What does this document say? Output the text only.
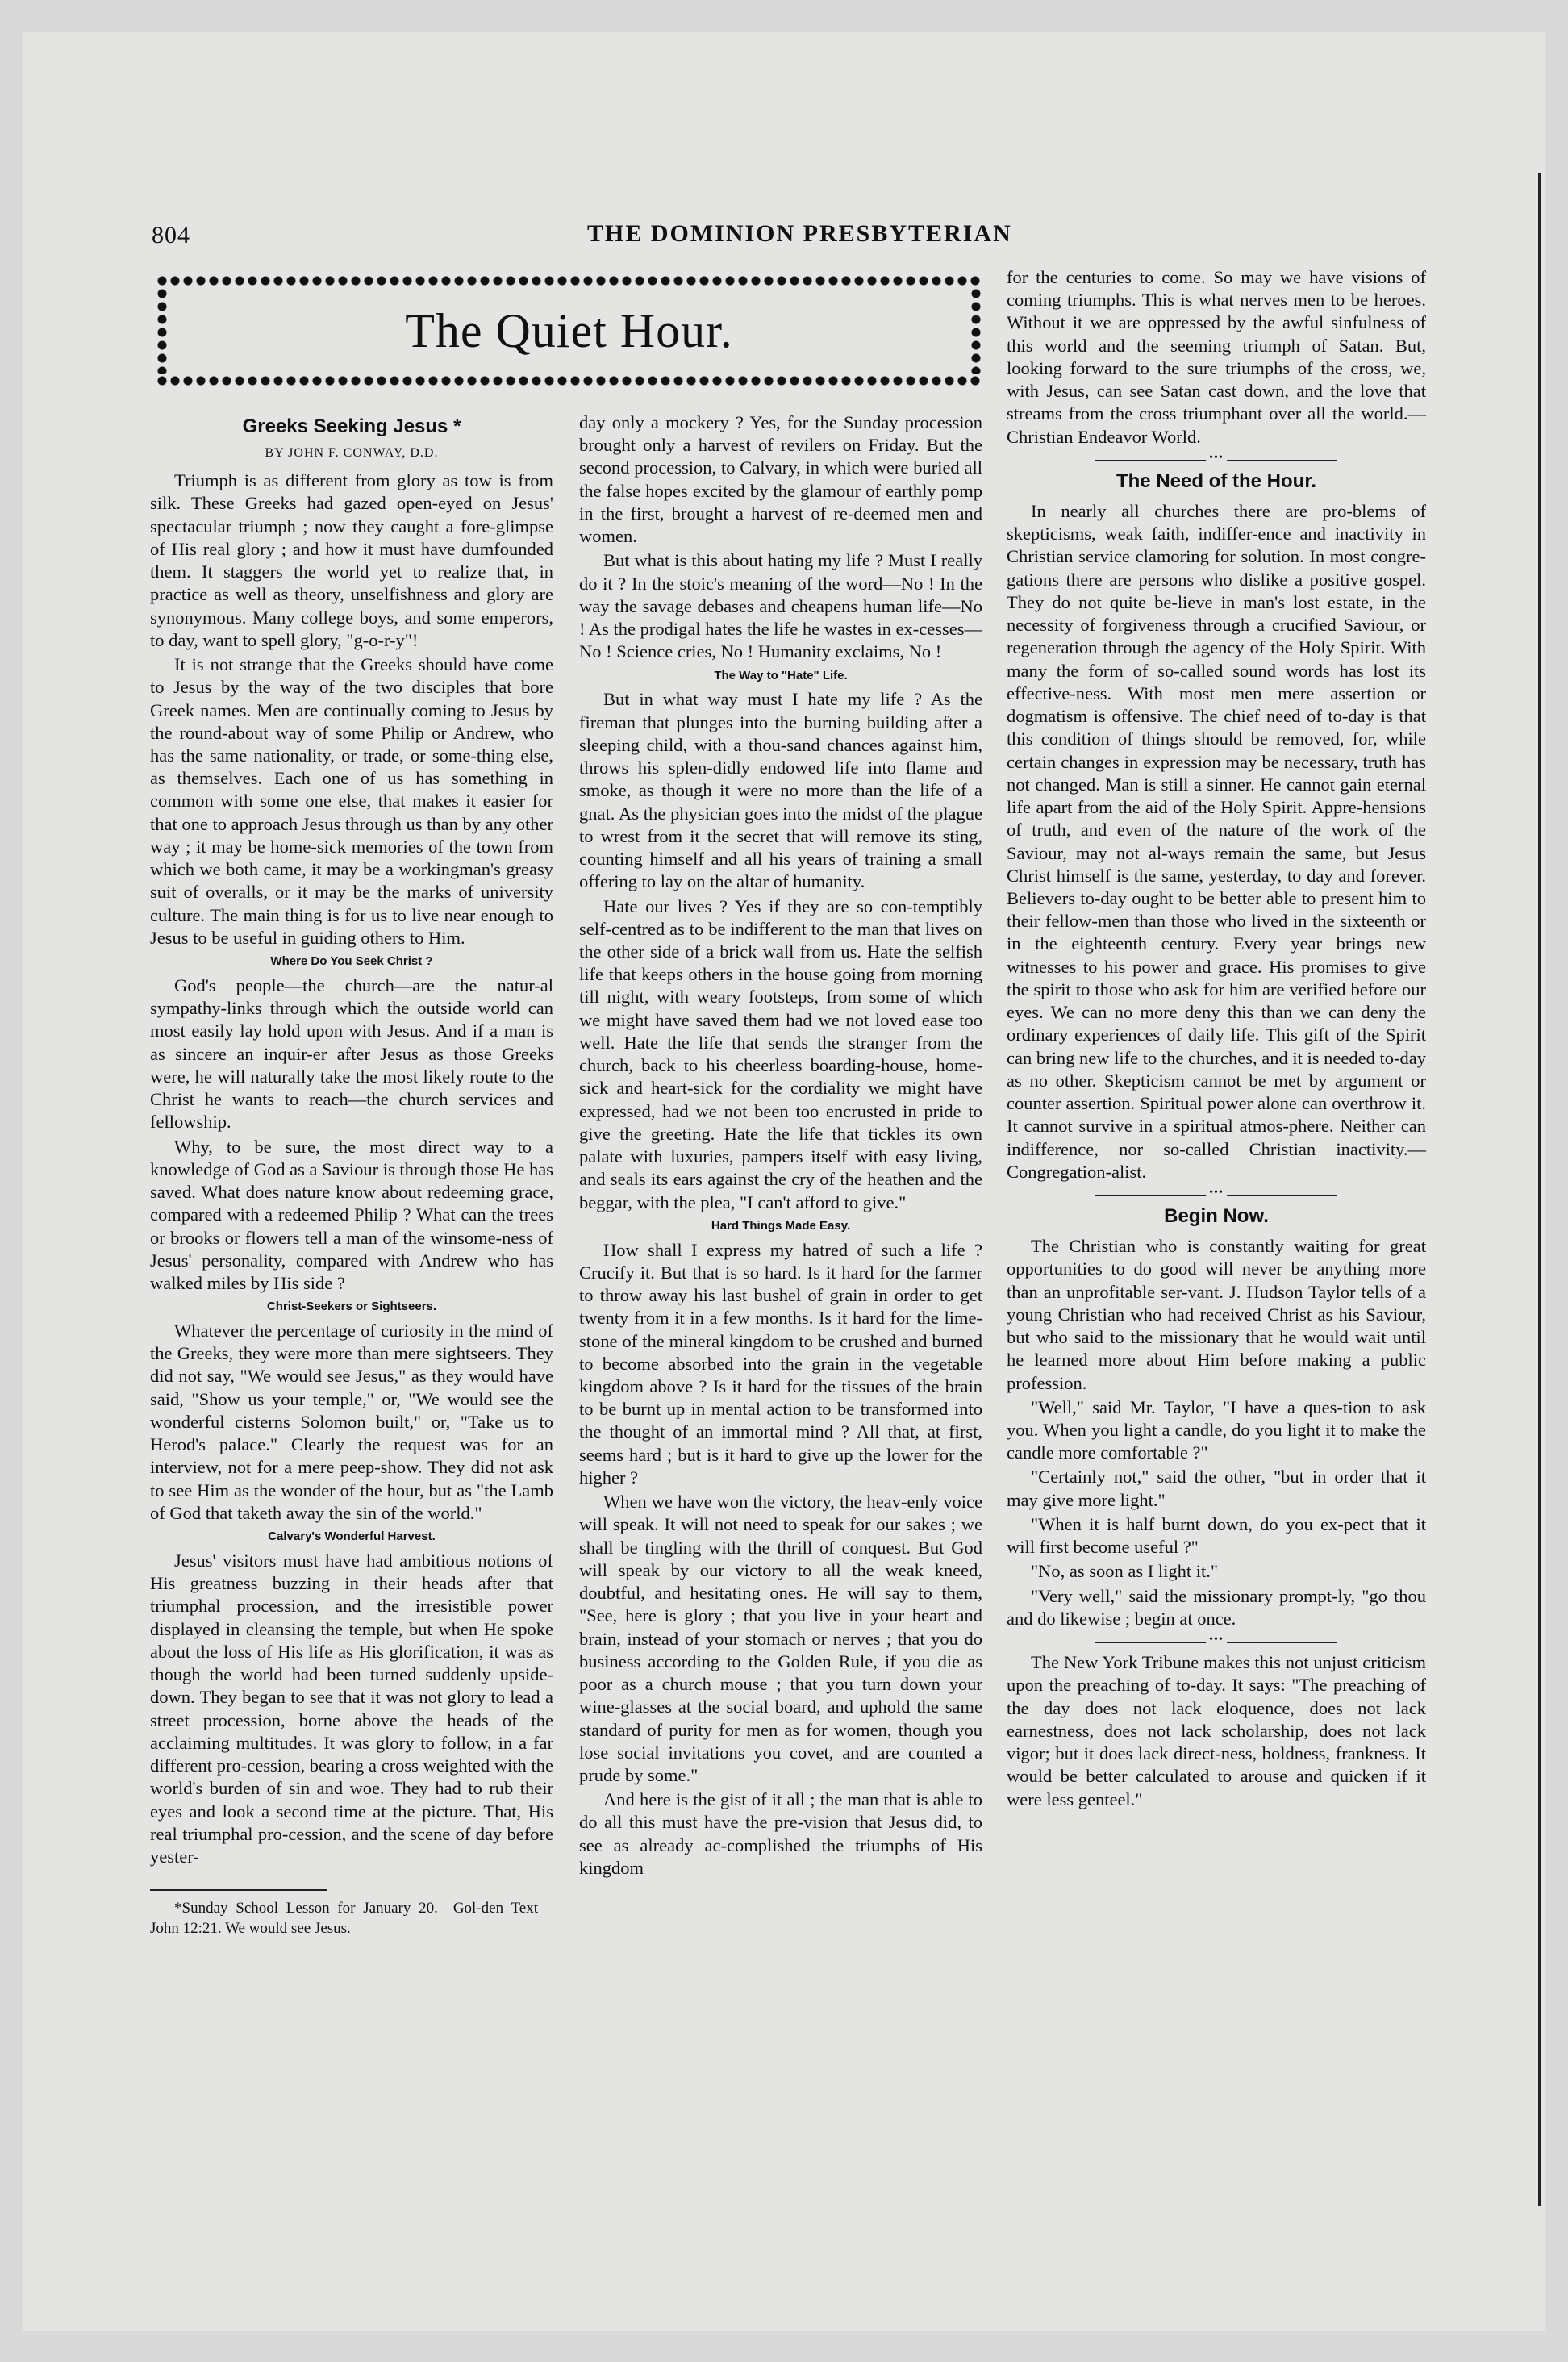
804	THE DOMINION PRESBYTERIAN
The Quiet Hour.
Greeks Seeking Jesus *
BY JOHN F. CONWAY, D.D.

Triumph is as different from glory as tow is from silk. These Greeks had gazed open-eyed on Jesus' spectacular triumph ; now they caught a fore-glimpse of His real glory ; and how it must have dumfounded them. It staggers the world yet to realize that, in practice as well as theory, unselfishness and glory are synonymous. Many college boys, and some emperors, to day, want to spell glory, "g-o-r-y"!

It is not strange that the Greeks should have come to Jesus by the way of the two disciples that bore Greek names. Men are continually coming to Jesus by the round-about way of some Philip or Andrew, who has the same nationality, or trade, or some-thing else, as themselves. Each one of us has something in common with some one else, that makes it easier for that one to approach Jesus through us than by any other way ; it may be home-sick memories of the town from which we both came, it may be a workingman's greasy suit of overalls, or it may be the marks of university culture. The main thing is for us to live near enough to Jesus to be useful in guiding others to Him.

Where Do You Seek Christ ?

God's people—the church—are the natur-al sympathy-links through which the outside world can most easily lay hold upon with Jesus. And if a man is as sincere an inquir-er after Jesus as those Greeks were, he will naturally take the most likely route to the Christ he wants to reach—the church services and fellowship.

Why, to be sure, the most direct way to a knowledge of God as a Saviour is through those He has saved. What does nature know about redeeming grace, compared with a redeemed Philip ? What can the trees or brooks or flowers tell a man of the winsome-ness of Jesus' personality, compared with Andrew who has walked miles by His side ?

Christ-Seekers or Sightseers.

Whatever the percentage of curiosity in the mind of the Greeks, they were more than mere sightseers. They did not say, "We would see Jesus," as they would have said, "Show us your temple," or, "We would see the wonderful cisterns Solomon built," or, "Take us to Herod's palace." Clearly the request was for an interview, not for a mere peep-show. They did not ask to see Him as the wonder of the hour, but as "the Lamb of God that taketh away the sin of the world."

Calvary's Wonderful Harvest.

Jesus' visitors must have had ambitious notions of His greatness buzzing in their heads after that triumphal procession, and the irresistible power displayed in cleansing the temple, but when He spoke about the loss of His life as His glorification, it was as though the world had been turned suddenly upside-down. They began to see that it was not glory to lead a street procession, borne above the heads of the acclaiming multitudes. It was glory to follow, in a far different pro-cession, bearing a cross weighted with the world's burden of sin and woe. They had to rub their eyes and look a second time at the picture. That, His real triumphal pro-cession, and the scene of day before yester-

*Sunday School Lesson for January 20.—Gol-den Text—John 12:21. We would see Jesus.

day only a mockery ? Yes, for the Sunday procession brought only a harvest of revilers on Friday. But the second procession, to Calvary, in which were buried all the false hopes excited by the glamour of earthly pomp in the first, brought a harvest of re-deemed men and women.

But what is this about hating my life ? Must I really do it ? In the stoic's meaning of the word—No ! In the way the savage debases and cheapens human life—No ! As the prodigal hates the life he wastes in ex-cesses—No ! Science cries, No ! Humanity exclaims, No !

The Way to "Hate" Life.

But in what way must I hate my life ? As the fireman that plunges into the burning building after a sleeping child, with a thou-sand chances against him, throws his splen-didly endowed life into flame and smoke, as though it were no more than the life of a gnat. As the physician goes into the midst of the plague to wrest from it the secret that will remove its sting, counting himself and all his years of training a small offering to lay on the altar of humanity.

Hate our lives ? Yes if they are so con-temptibly self-centred as to be indifferent to the man that lives on the other side of a brick wall from us. Hate the selfish life that keeps others in the house going from morning till night, with weary footsteps, from some of which we might have saved them had we not loved ease too well. Hate the life that sends the stranger from the church, back to his cheerless boarding-house, home-sick and heart-sick for the cordiality we might have expressed, had we not been too encrusted in pride to give the greeting. Hate the life that tickles its own palate with luxuries, pampers itself with easy living, and seals its ears against the cry of the heathen and the beggar, with the plea, "I can't afford to give."

Hard Things Made Easy.

How shall I express my hatred of such a life ? Crucify it. But that is so hard. Is it hard for the farmer to throw away his last bushel of grain in order to get twenty from it in a few months. Is it hard for the lime-stone of the mineral kingdom to be crushed and burned to become absorbed into the grain in the vegetable kingdom above ? Is it hard for the tissues of the brain to be burnt up in mental action to be transformed into the thought of an immortal mind ? All that, at first, seems hard ; but is it hard to give up the lower for the higher ?

When we have won the victory, the heav-enly voice will speak. It will not need to speak for our sakes ; we shall be tingling with the thrill of conquest. But God will speak by our victory to all the weak kneed, doubtful, and hesitating ones. He will say to them, "See, here is glory ; that you live in your heart and brain, instead of your stomach or nerves ; that you do business according to the Golden Rule, if you die as poor as a church mouse ; that you turn down your wine-glasses at the social board, and uphold the same standard of purity for men as for women, though you lose social invitations you covet, and are counted a prude by some."

And here is the gist of it all ; the man that is able to do all this must have the pre-vision that Jesus did, to see as already ac-complished the triumphs of His kingdom

for the centuries to come. So may we have visions of coming triumphs. This is what nerves men to be heroes. Without it we are oppressed by the awful sinfulness of this world and the seeming triumph of Satan. But, looking forward to the sure triumphs of the cross, we, with Jesus, can see Satan cast down, and the love that streams from the cross triumphant over all the world.—Christian Endeavor World.

•••
The Need of the Hour.

In nearly all churches there are pro-blems of skepticisms, weak faith, indiffer-ence and inactivity in Christian service clamoring for solution. In most congre-gations there are persons who dislike a positive gospel. They do not quite be-lieve in man's lost estate, in the necessity of forgiveness through a crucified Saviour, or regeneration through the agency of the Holy Spirit. With many the form of so-called sound words has lost its effective-ness. With most men mere assertion or dogmatism is offensive. The chief need of to-day is that this condition of things should be removed, for, while certain changes in expression may be necessary, truth has not changed. Man is still a sinner. He cannot gain eternal life apart from the aid of the Holy Spirit. Appre-hensions of truth, and even of the nature of the work of the Saviour, may not al-ways remain the same, but Jesus Christ himself is the same, yesterday, to day and forever. Believers to-day ought to be better able to present him to their fellow-men than those who lived in the sixteenth or in the eighteenth century. Every year brings new witnesses to his power and grace. His promises to give the spirit to those who ask for him are verified before our eyes. We can no more deny this than we can deny the ordinary experiences of daily life. This gift of the Spirit can bring new life to the churches, and it is needed to-day as no other. Skepticism cannot be met by argument or counter assertion. Spiritual power alone can overthrow it. It cannot survive in a spiritual atmos-phere. Neither can indifference, nor so-called Christian inactivity.—Congregation-alist.

•••
Begin Now.

The Christian who is constantly waiting for great opportunities to do good will never be anything more than an unprofitable ser-vant. J. Hudson Taylor tells of a young Christian who had received Christ as his Saviour, but who said to the missionary that he would wait until he learned more about Him before making a public profession.

"Well," said Mr. Taylor, "I have a ques-tion to ask you. When you light a candle, do you light it to make the candle more comfortable ?"

"Certainly not," said the other, "but in order that it may give more light."

"When it is half burnt down, do you ex-pect that it will first become useful ?"

"No, as soon as I light it."

"Very well," said the missionary prompt-ly, "go thou and do likewise ; begin at once.

•••

The New York Tribune makes this not unjust criticism upon the preaching of to-day. It says: "The preaching of the day does not lack eloquence, does not lack earnestness, does not lack scholarship, does not lack vigor; but it does lack direct-ness, boldness, frankness. It would be better calculated to arouse and quicken if it were less genteel."
